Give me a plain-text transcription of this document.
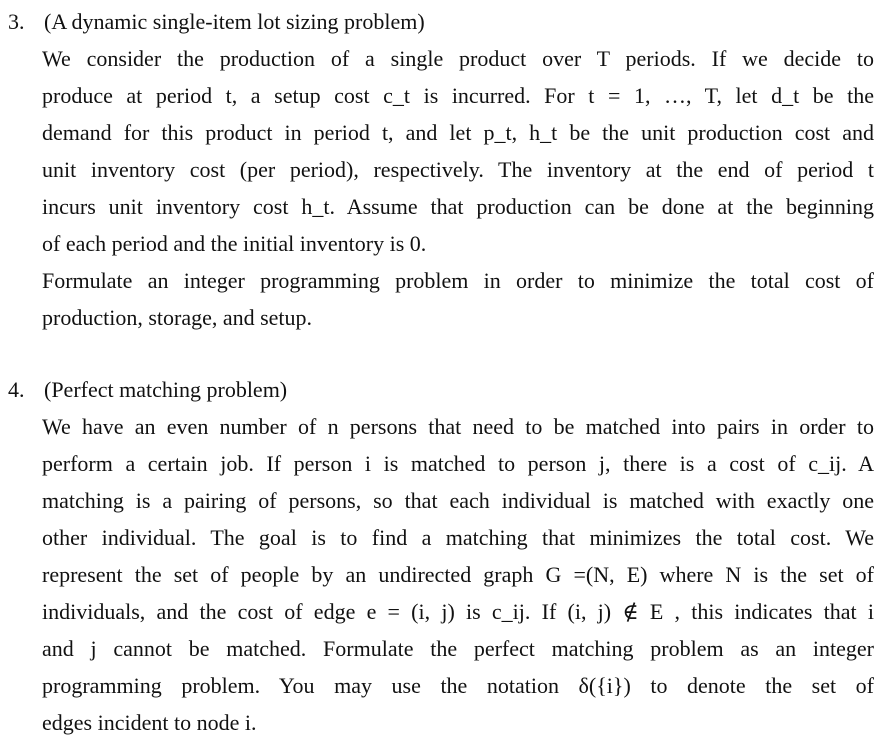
3. (A dynamic single-item lot sizing problem)
We consider the production of a single product over T periods. If we decide to
produce at period t, a setup cost c_t is incurred. For t = 1, …, T, let d_t be the
demand for this product in period t, and let p_t, h_t be the unit production cost and
unit inventory cost (per period), respectively. The inventory at the end of period t
incurs unit inventory cost h_t. Assume that production can be done at the beginning
of each period and the initial inventory is 0.
Formulate an integer programming problem in order to minimize the total cost of
production, storage, and setup.
4. (Perfect matching problem)
We have an even number of n persons that need to be matched into pairs in order to
perform a certain job. If person i is matched to person j, there is a cost of c_ij. A
matching is a pairing of persons, so that each individual is matched with exactly one
other individual. The goal is to find a matching that minimizes the total cost. We
represent the set of people by an undirected graph G =(N, E) where N is the set of
individuals, and the cost of edge e = (i, j) is c_ij. If (i, j) ∉ E , this indicates that i
and j cannot be matched. Formulate the perfect matching problem as an integer
programming problem. You may use the notation δ({i}) to denote the set of
edges incident to node i.
